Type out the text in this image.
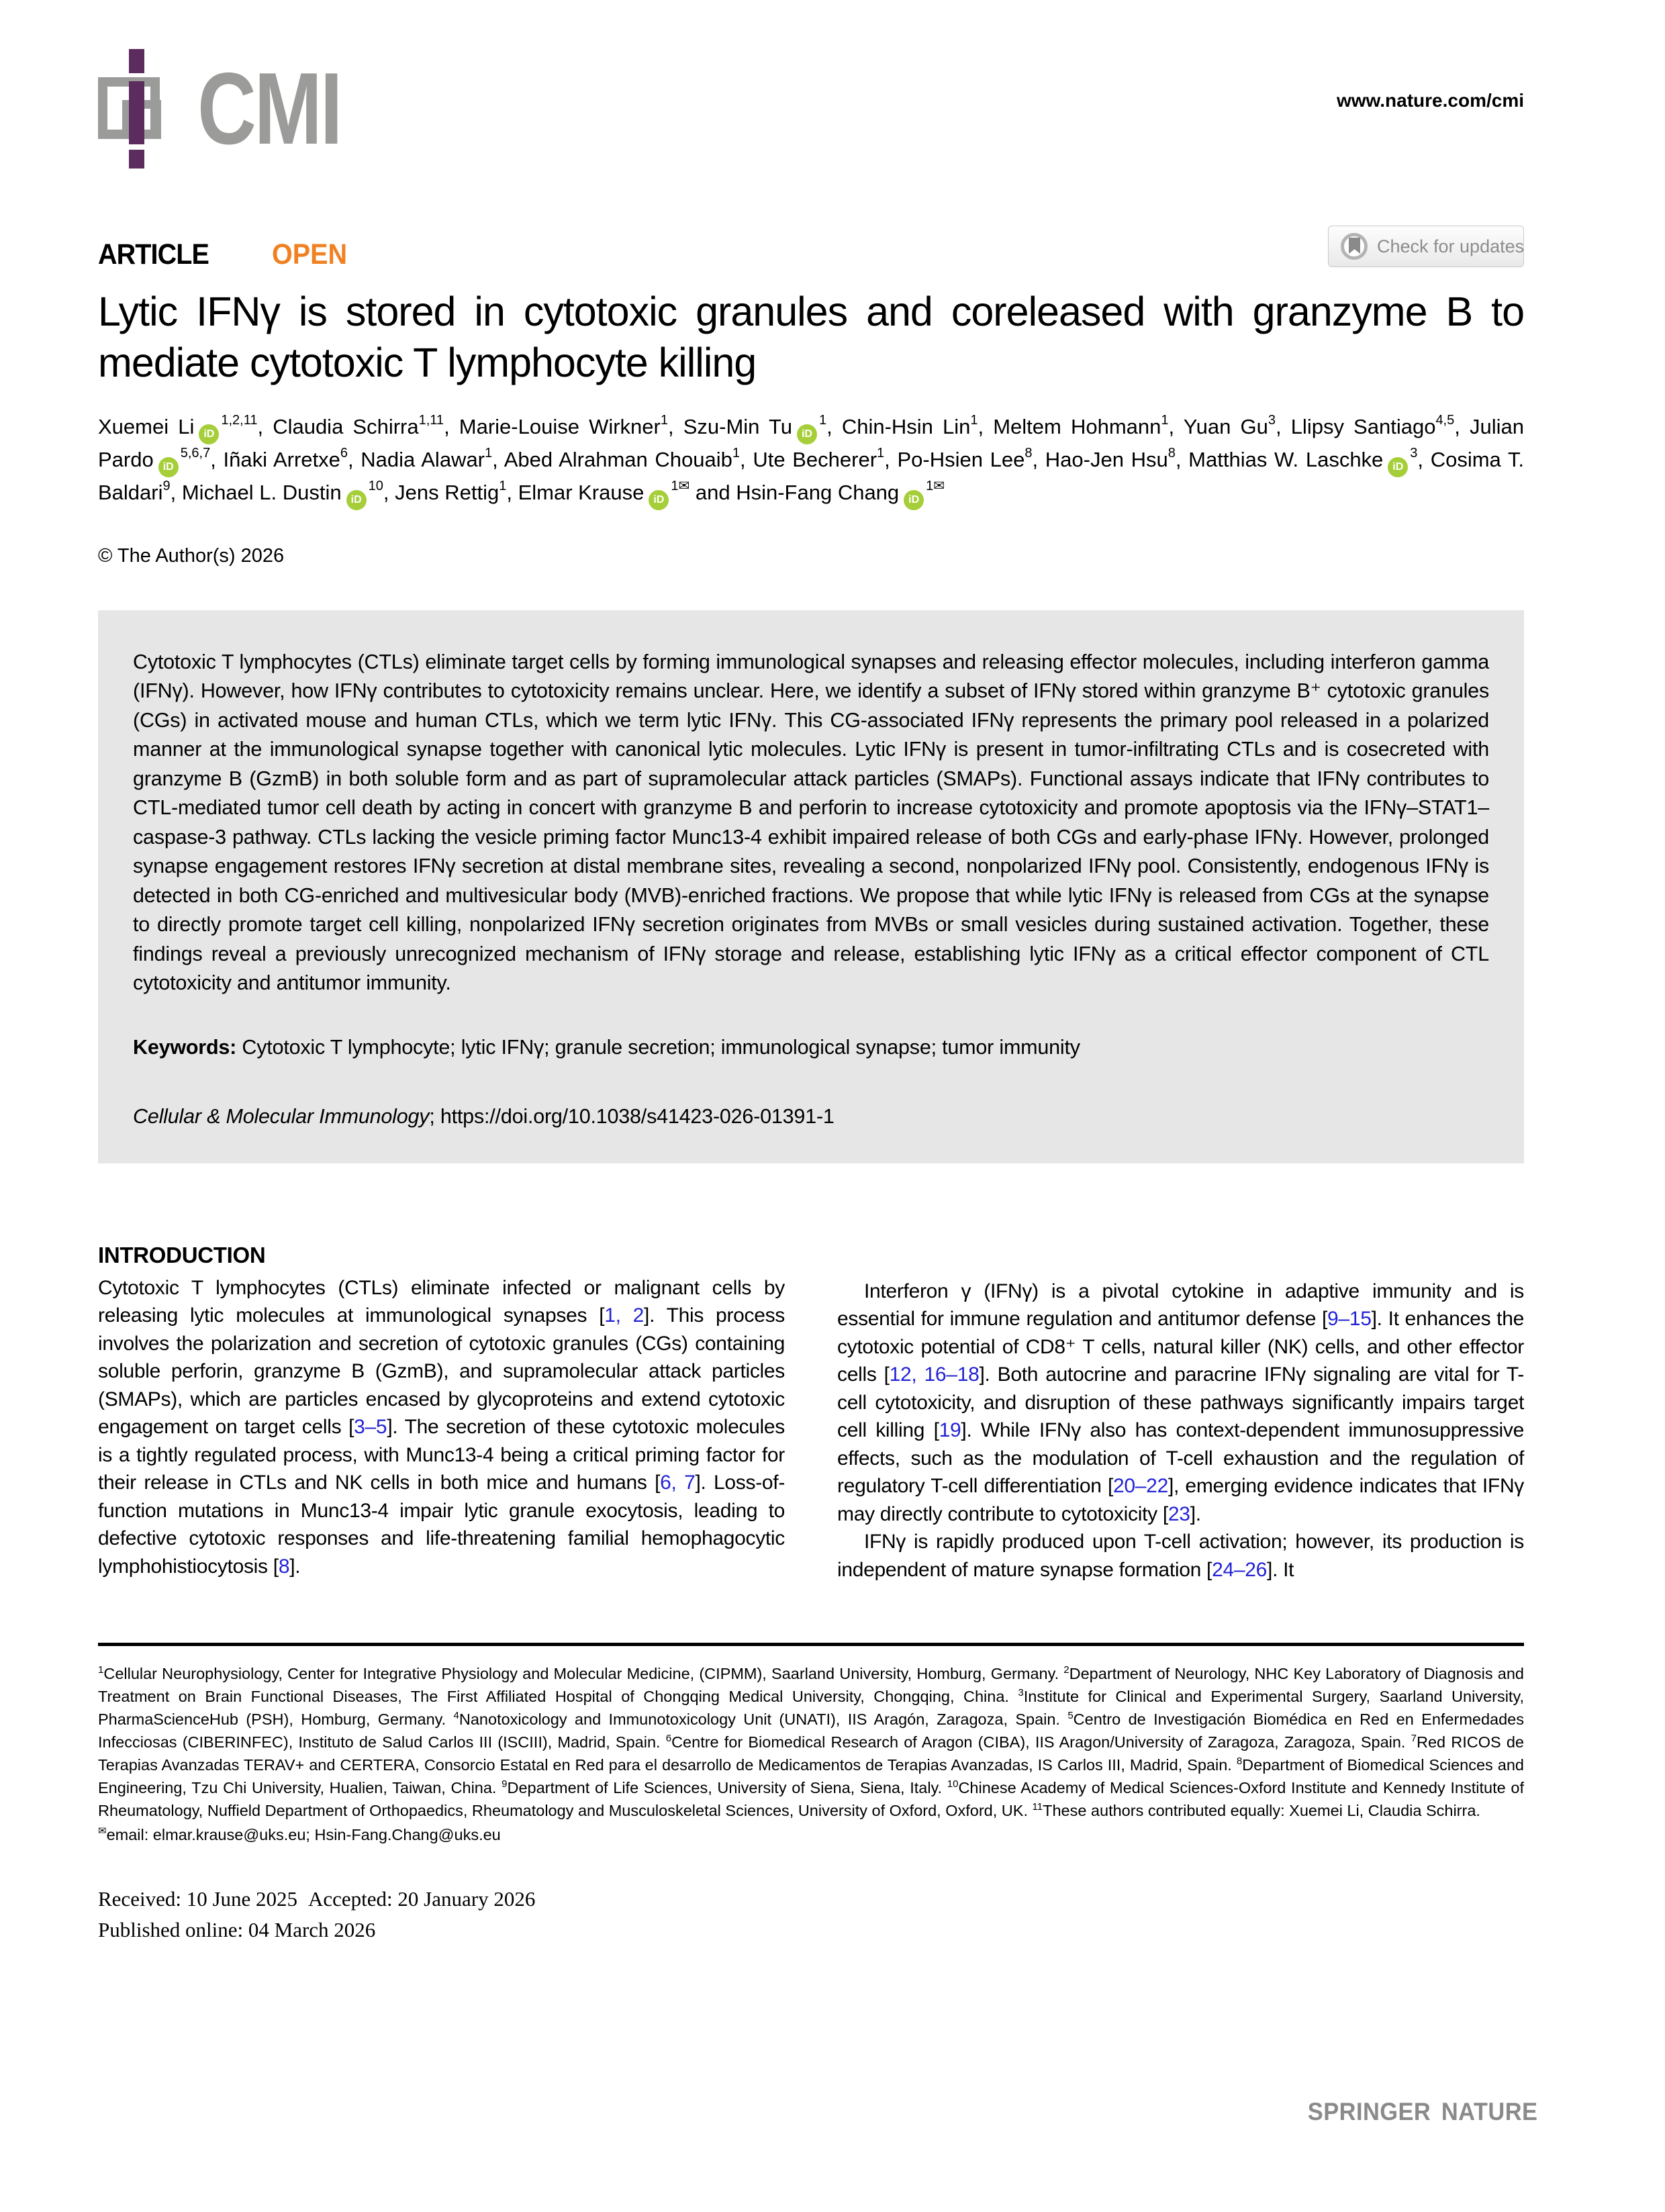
CMI	www.nature.com/cmi
ARTICLE OPEN	Check for updates
Lytic IFNγ is stored in cytotoxic granules and coreleased with granzyme B to mediate cytotoxic T lymphocyte killing
Xuemei Li iD$^{1,2,11}$, Claudia Schirra$^{1,11}$, Marie-Louise Wirkner$^1$, Szu-Min Tu $iD^1$, Chin-Hsin Lin$^1$, Meltem Hohmann$^1$, Yuan Gu$^3$, Llipsy Santiago$^{4,5}$, Julian Pardo iD$^{5,6,7}$, Iñaki Arretxe$^6$, Nadia Alawar$^1$, Abed Alrahman Chouaib$^1$, Ute Becherer$^1$, Po-Hsien Lee$^8$, Hao-Jen Hsu$^8$, Matthias W. Laschke $iD^3$, Cosima T. Baldari$^9$, Michael L. Dustin $iD^{10}$, Jens Rettig$^1$, Elmar Krause $iD^{1✉}$ and Hsin-Fang Chang $iD^{1✉}$
© The Author(s) 2026
Cytotoxic T lymphocytes (CTLs) eliminate target cells by forming immunological synapses and releasing effector molecules, including interferon gamma (IFNγ). However, how IFNγ contributes to cytotoxicity remains unclear. Here, we identify a subset of IFNγ stored within granzyme B⁺ cytotoxic granules (CGs) in activated mouse and human CTLs, which we term lytic IFNγ. This CG-associated IFNγ represents the primary pool released in a polarized manner at the immunological synapse together with canonical lytic molecules. Lytic IFNγ is present in tumor-infiltrating CTLs and is cosecreted with granzyme B (GzmB) in both soluble form and as part of supramolecular attack particles (SMAPs). Functional assays indicate that IFNγ contributes to CTL-mediated tumor cell death by acting in concert with granzyme B and perforin to increase cytotoxicity and promote apoptosis via the IFNγ–STAT1–caspase-3 pathway. CTLs lacking the vesicle priming factor Munc13-4 exhibit impaired release of both CGs and early-phase IFNγ. However, prolonged synapse engagement restores IFNγ secretion at distal membrane sites, revealing a second, nonpolarized IFNγ pool. Consistently, endogenous IFNγ is detected in both CG-enriched and multivesicular body (MVB)-enriched fractions. We propose that while lytic IFNγ is released from CGs at the synapse to directly promote target cell killing, nonpolarized IFNγ secretion originates from MVBs or small vesicles during sustained activation. Together, these findings reveal a previously unrecognized mechanism of IFNγ storage and release, establishing lytic IFNγ as a critical effector component of CTL cytotoxicity and antitumor immunity.
Keywords: Cytotoxic T lymphocyte; lytic IFNγ; granule secretion; immunological synapse; tumor immunity
Cellular & Molecular Immunology; https://doi.org/10.1038/s41423-026-01391-1
INTRODUCTION

Cytotoxic T lymphocytes (CTLs) eliminate infected or malignant cells by releasing lytic molecules at immunological synapses [1, 2]. This process involves the polarization and secretion of cytotoxic granules (CGs) containing soluble perforin, granzyme B (GzmB), and supramolecular attack particles (SMAPs), which are particles encased by glycoproteins and extend cytotoxic engagement on target cells [3–5]. The secretion of these cytotoxic molecules is a tightly regulated process, with Munc13-4 being a critical priming factor for their release in CTLs and NK cells in both mice and humans [6, 7]. Loss-of-function mutations in Munc13-4 impair lytic granule exocytosis, leading to defective cytotoxic responses and life-threatening familial hemophagocytic lymphohistiocytosis [8].

Interferon γ (IFNγ) is a pivotal cytokine in adaptive immunity and is essential for immune regulation and antitumor defense [9–15]. It enhances the cytotoxic potential of CD8⁺ T cells, natural killer (NK) cells, and other effector cells [12, 16–18]. Both autocrine and paracrine IFNγ signaling are vital for T-cell cytotoxicity, and disruption of these pathways significantly impairs target cell killing [19]. While IFNγ also has context-dependent immunosuppressive effects, such as the modulation of T-cell exhaustion and the regulation of regulatory T-cell differentiation [20–22], emerging evidence indicates that IFNγ may directly contribute to cytotoxicity [23].

IFNγ is rapidly produced upon T-cell activation; however, its production is independent of mature synapse formation [24–26]. It

$^1$Cellular Neurophysiology, Center for Integrative Physiology and Molecular Medicine, (CIPMM), Saarland University, Homburg, Germany. $^2$Department of Neurology, NHC Key Laboratory of Diagnosis and Treatment on Brain Functional Diseases, The First Affiliated Hospital of Chongqing Medical University, Chongqing, China. $^3$Institute for Clinical and Experimental Surgery, Saarland University, PharmaScienceHub (PSH), Homburg, Germany. $^4$Nanotoxicology and Immunotoxicology Unit (UNATI), IIS Aragón, Zaragoza, Spain. $^5$Centro de Investigación Biomédica en Red en Enfermedades Infecciosas (CIBERINFEC), Instituto de Salud Carlos III (ISCIII), Madrid, Spain. $^6$Centre for Biomedical Research of Aragon (CIBA), IIS Aragon/University of Zaragoza, Zaragoza, Spain. $^7$Red RICOS de Terapias Avanzadas TERAV+ and CERTERA, Consorcio Estatal en Red para el desarrollo de Medicamentos de Terapias Avanzadas, IS Carlos III, Madrid, Spain. $^8$Department of Biomedical Sciences and Engineering, Tzu Chi University, Hualien, Taiwan, China. $^9$Department of Life Sciences, University of Siena, Siena, Italy. $^{10}$Chinese Academy of Medical Sciences-Oxford Institute and Kennedy Institute of Rheumatology, Nuffield Department of Orthopaedics, Rheumatology and Musculoskeletal Sciences, University of Oxford, Oxford, UK. $^{11}$These authors contributed equally: Xuemei Li, Claudia Schirra.
✉email: elmar.krause@uks.eu; Hsin-Fang.Chang@uks.eu
Received: 10 June 2025 Accepted: 20 January 2026
Published online: 04 March 2026
SPRINGER NATURE
